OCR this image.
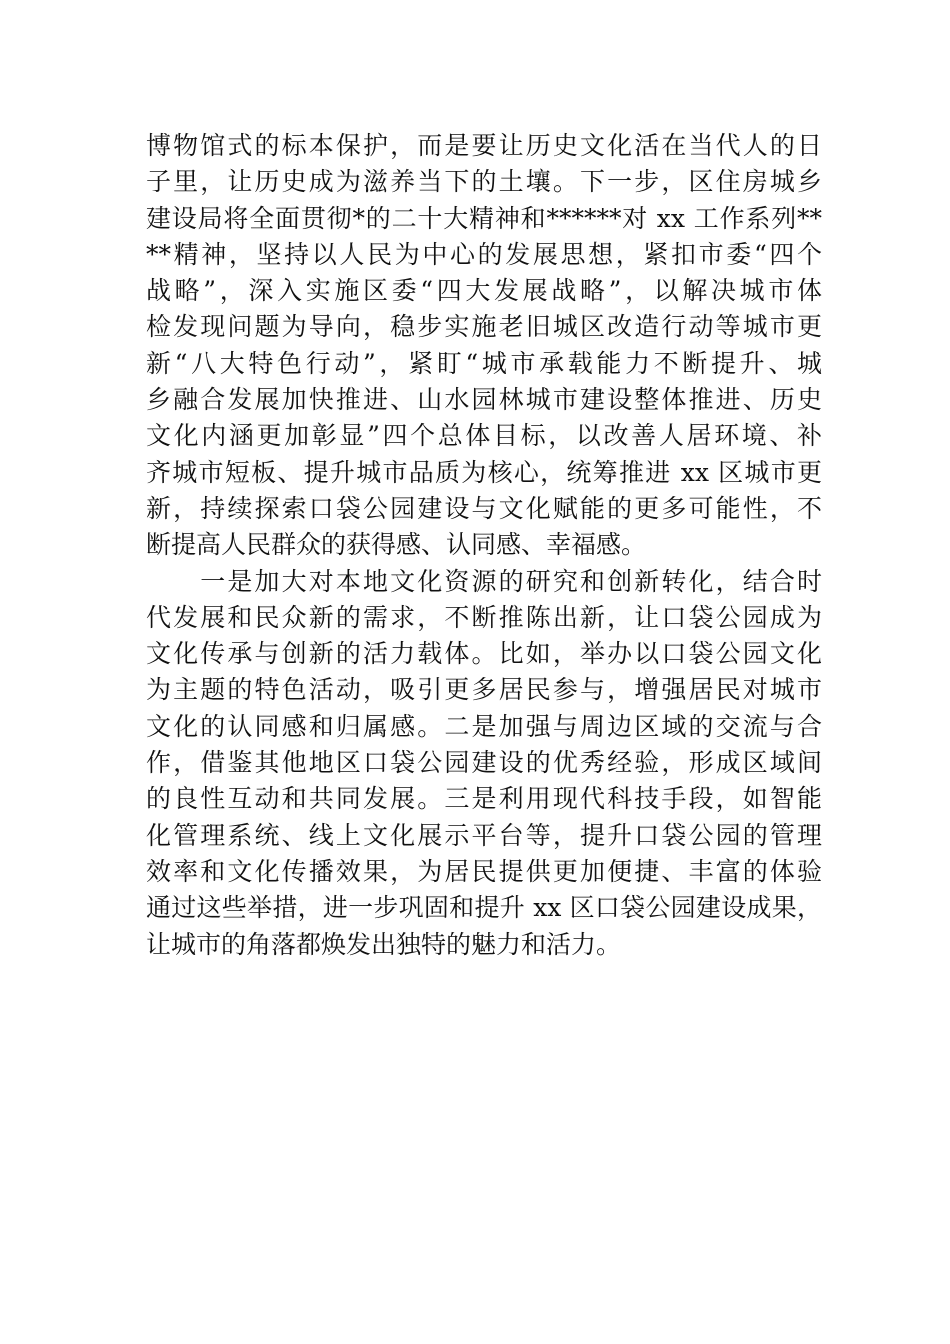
博物馆式的标本保护，而是要让历史文化活在当代人的日
子里，让历史成为滋养当下的土壤。下一步，区住房城乡
建设局将全面贯彻*的二十大精神和******对 xx 工作系列**
**精神，坚持以人民为中心的发展思想，紧扣市委“四个
战略”，深入实施区委“四大发展战略”，以解决城市体
检发现问题为导向，稳步实施老旧城区改造行动等城市更
新“八大特色行动”，紧盯“城市承载能力不断提升、城
乡融合发展加快推进、山水园林城市建设整体推进、历史
文化内涵更加彰显”四个总体目标，以改善人居环境、补
齐城市短板、提升城市品质为核心，统筹推进 xx 区城市更
新，持续探索口袋公园建设与文化赋能的更多可能性，不
断提高人民群众的获得感、认同感、幸福感。
　　一是加大对本地文化资源的研究和创新转化，结合时
代发展和民众新的需求，不断推陈出新，让口袋公园成为
文化传承与创新的活力载体。比如，举办以口袋公园文化
为主题的特色活动，吸引更多居民参与，增强居民对城市
文化的认同感和归属感。二是加强与周边区域的交流与合
作，借鉴其他地区口袋公园建设的优秀经验，形成区域间
的良性互动和共同发展。三是利用现代科技手段，如智能
化管理系统、线上文化展示平台等，提升口袋公园的管理
效率和文化传播效果，为居民提供更加便捷、丰富的体验
通过这些举措，进一步巩固和提升 xx 区口袋公园建设成果，
让城市的角落都焕发出独特的魅力和活力。
